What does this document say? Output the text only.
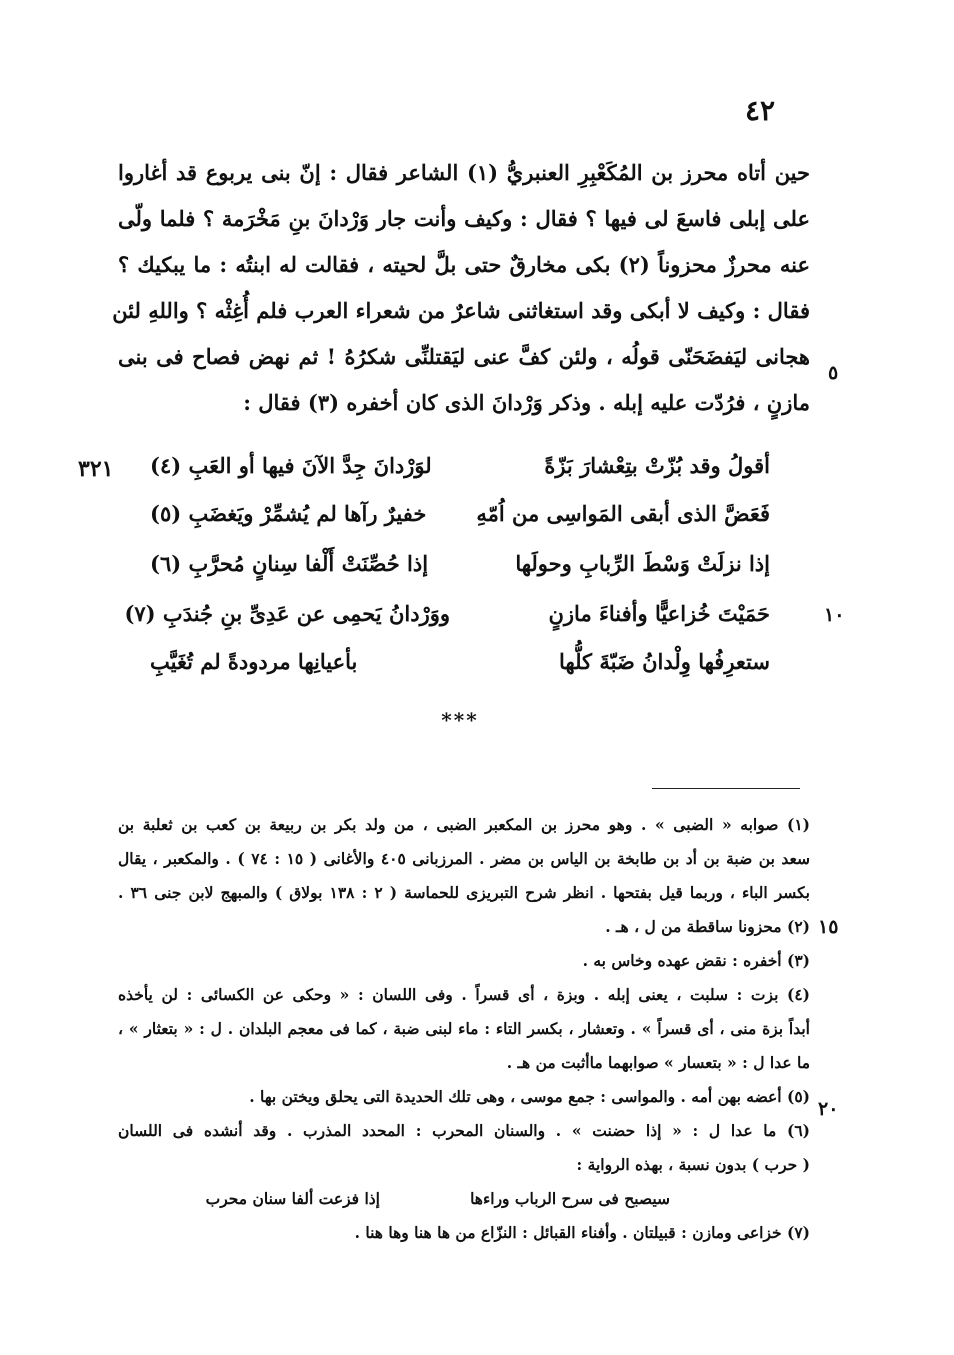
٤٢
حين أتاه محرز بن المُكَعْبِرِ العنبريُّ (١) الشاعر فقال : إنّ بنى يربوع قد أغاروا
على إبلى فاسعَ لى فيها ؟ فقال : وكيف وأنت جار وَرْدانَ بنِ مَخْرَمة ؟ فلما ولّى
عنه محرزٌ محزوناً (٢) بكى مخارقٌ حتى بلَّ لحيته ، فقالت له ابنتُه : ما يبكيك ؟
فقال : وكيف لا أبكى وقد استغاثنى شاعرٌ من شعراء العرب فلم أُغِثْه ؟ واللهِ لئن
هجانى ليَفضَحَنّى قولُه ، ولئن كفَّ عنى ليَقتلنِّى شكرُهُ ! ثم نهض فصاح فى بنى
مازنٍ ، فرُدّت عليه إبله . وذكر وَرْدانَ الذى كان أخفره (٣) فقال :
٥
٣٢١	أقولُ وقد بُزّتْ بتِعْشارَ بَزّةً
لوَرْدانَ جِدَّ الآنَ فيها أو العَبِ (٤)
فَعَضَّ الذى أبقى المَواسِى من اُمّهِ
خفيرٌ رآها لم يُشمِّرْ ويَغضَبِ (٥)
إذا نزلَتْ وَسْطَ الرِّبابِ وحولَها
إذا حُصِّنَتْ أَلْفا سِنانٍ مُحرَّبِ (٦)
حَمَيْتَ خُزاعيًّا وأفناءَ مازنٍ
ووَرْدانُ يَحمِى عن عَدِىِّ بنِ جُندَبِ (٧)
ستعرِفُها وِلْدانُ ضَبّةَ كلُّها
بأعيانِها مردودةً لم تُغَيَّبِ
١٠
***
(١) صوابه « الضبى » . وهو محرز بن المكعبر الضبى ، من ولد بكر بن ربيعة بن كعب بن ثعلبة بن
سعد بن ضبة بن أد بن طابخة بن الياس بن مضر . المرزبانى ٤٠٥ والأغانى ( ١٥ : ٧٤ ) . والمكعبر ، يقال
بكسر الباء ، وربما قيل بفتحها . انظر شرح التبريزى للحماسة ( ٢ : ١٣٨ بولاق ) والمبهج لابن جنى ٣٦ .
(٢) محزونا ساقطة من ل ، هـ .
(٣) أخفره : نقض عهده وخاس به .
(٤) بزت : سلبت ، يعنى إبله . وبزة ، أى قسراً . وفى اللسان : « وحكى عن الكسائى : لن يأخذه
أبداً بزة منى ، أى قسراً » . وتعشار ، بكسر التاء : ماء لبنى ضبة ، كما فى معجم البلدان . ل : « بتعثار » ،
ما عدا ل : « بتعسار » صوابهما ماأثبت من هـ .
(٥) أعضه بهن أمه . والمواسى : جمع موسى ، وهى تلك الحديدة التى يحلق ويختن بها .
(٦) ما عدا ل : « إذا حضنت » . والسنان المحرب : المحدد المذرب . وقد أنشده فى اللسان
( حرب ) بدون نسبة ، بهذه الرواية :
سيصبح فى سرح الرباب وراءها
إذا فزعت ألفا سنان محرب
(٧) خزاعى ومازن : قبيلتان . وأفناء القبائل : النزّاع من ها هنا وها هنا .
١٥
٢٠
